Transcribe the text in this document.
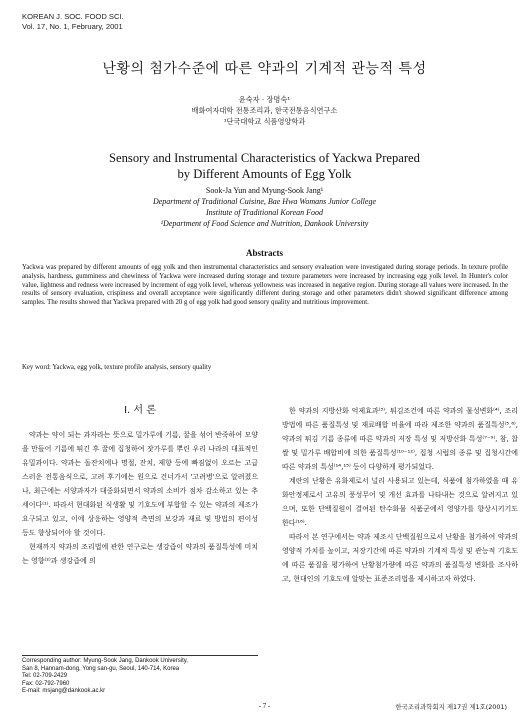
KOREAN J. SOC. FOOD SCI.
Vol. 17, No. 1, February, 2001
난황의 첨가수준에 따른 약과의 기계적 관능적 특성
윤숙자 · 장명숙¹
배화여자대학 전통조리과, 한국전통음식연구소
¹단국대학교 식품영양학과
Sensory and Instrumental Characteristics of Yackwa Prepared
by Different Amounts of Egg Yolk
Sook-Ja Yun and Myung-Sook Jang¹
Department of Traditional Cuisine, Bae Hwa Womans Junior College
Institute of Traditional Korean Food
¹Department of Food Science and Nutrition, Dankook University
Abstracts
Yackwa was prepared by different amounts of egg yolk and then instrumental characteristics and sensory evaluation were investigated during storage periods. In texture profile analysis, hardness, gumminess and chewiness of Yackwa were increased during storage and texture parameters were increased by increasing egg yolk level. In Hunter's color value, lightness and redness were increased by increment of egg yolk level, whereas yellowness was increased in negative region. During storage all values were increased. In the results of sensory evaluation, crispiness and overall acceptance were significantly different during storage and other parameters didn't showed significant difference among samples. The results showed that Yackwa prepared with 20 g of egg yolk had good sensory quality and nutritious improvement.
Key word: Yackwa, egg yolk, texture profile analysis, sensory quality
I. 서 론

약과는 약이 되는 과자라는 뜻으로 밀가루에 기름, 꿀을 섞어 반죽하여 모양을 만들어 기름에 튀긴 후 꿀에 집청하여 잣가루를 뿌린 우리 나라의 대표적인 유밀과이다. 약과는 돌잔치에나 명절, 잔치, 제향 등에 빠짐없이 오르는 고급스러운 전통음식으로, 고려 후기에는 원으로 건너가서 '고려병'으로 알려졌으나, 최근에는 서양과자가 대중화되면서 약과의 소비가 점차 감소하고 있는 추세이다⁽¹⁾. 따라서 현대화된 식생활 및 기호도에 부합할 수 있는 약과의 제조가 요구되고 있고, 이에 상응하는 영양적 측면의 보강과 재료 및 방법의 편이성 등도 향상되어야 할 것이다.

현재까지 약과의 조리법에 관한 연구로는 생강즙이 약과의 품질특성에 미치는 영향⁽²⁾과 생강즙에 의

한 약과의 지방산화 억제효과⁽³⁾, 튀김조건에 따른 약과의 물성변화⁽⁴⁾, 조리방법에 따른 품질특성 및 재료배합 비율에 따라 제조한 약과의 품질특성⁽⁵,⁶⁾, 약과의 튀김 기름 종류에 따른 약과의 저장 특성 및 저방산화 특성⁽⁷⁻⁹⁾, 참, 찹쌀 및 밀가루 배합비에 의한 품질특성⁽¹⁰⁻¹²⁾, 집청 시럽의 종류 및 집청시간에 따른 약과의 특성⁽¹⁴,¹⁵⁾ 등이 다양하게 평가되었다.

계란의 난황은 유화제로서 널리 사용되고 있는데, 식품에 첨가하였을 때 유화안정제로서 고유의 풍성무어 및 개선 효과를 나타내는 것으로 알려지고 있으며, 또한 단백질원이 결여된 탄수화물 식품군에서 영양가를 향상시키기도 한다⁽¹⁶⁾.

따라서 본 연구에서는 약과 제조시 단백질원으로서 난황을 첨가하여 약과의 영양적 가치를 높이고, 저장기간에 따른 약과의 기계적 특성 및 관능적 기호도에 따른 품질을 평가하여 난황첨가량에 따른 약과의 품질특성 변화를 조사하고, 현대인의 기호도에 알맞는 표준조리법을 제시하고자 하였다.

Corresponding author: Myung-Sook Jang, Dankook University,
San 8, Hannam-dong, Yong san-gu, Seoul, 140-714, Korea
Tel: 02-709-2429
Fax: 02-792-7960
E-mail: msjang@dankook.ac.kr
- 7 -	한국조리과학회지 제17권 제1호(2001)
